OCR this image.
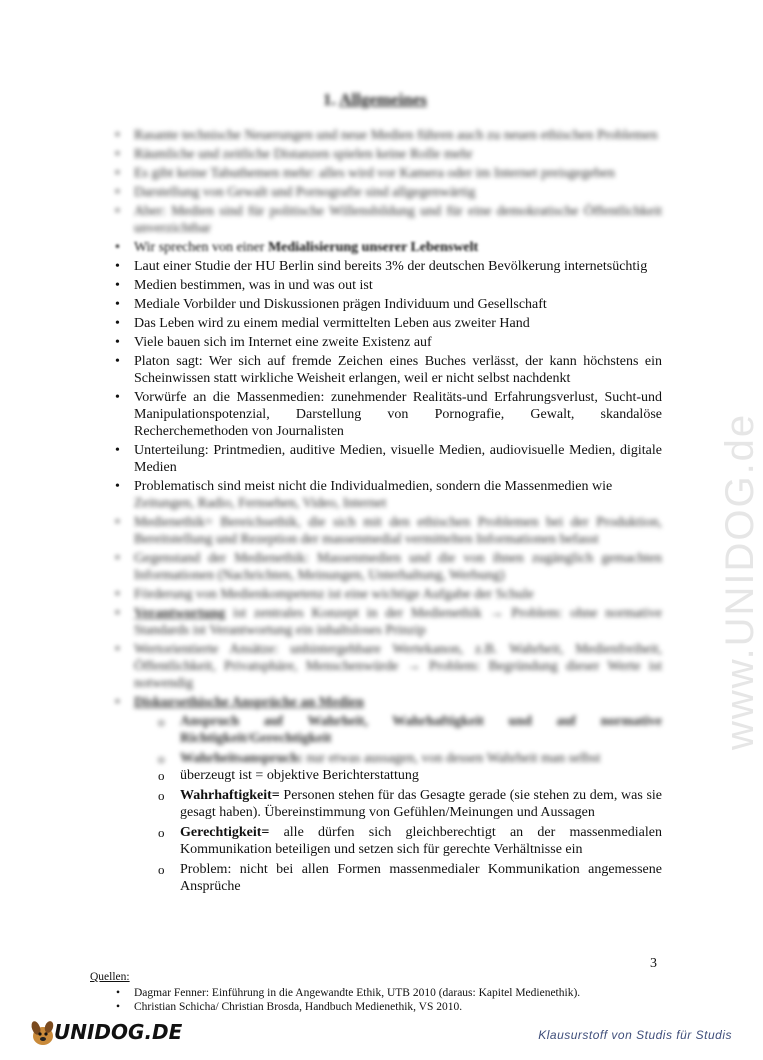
www.UNIDOG.de
1. Allgemeines
• Rasante technische Neuerungen und neue Medien führen auch zu neuen ethischen Problemen
• Räumliche und zeitliche Distanzen spielen keine Rolle mehr
• Es gibt keine Tabuthemen mehr: alles wird vor Kamera oder im Internet preisgegeben
• Darstellung von Gewalt und Pornografie sind allgegenwärtig
• Aber: Medien sind für politische Willensbildung und für eine demokratische Öffentlichkeit unverzichtbar
• Wir sprechen von einer Medialisierung unserer Lebenswelt
• Laut einer Studie der HU Berlin sind bereits 3% der deutschen Bevölkerung internetsüchtig
• Medien bestimmen, was in und was out ist
• Mediale Vorbilder und Diskussionen prägen Individuum und Gesellschaft
• Das Leben wird zu einem medial vermittelten Leben aus zweiter Hand
• Viele bauen sich im Internet eine zweite Existenz auf
• Platon sagt: Wer sich auf fremde Zeichen eines Buches verlässt, der kann höchstens ein Scheinwissen statt wirkliche Weisheit erlangen, weil er nicht selbst nachdenkt
• Vorwürfe an die Massenmedien: zunehmender Realitäts-und Erfahrungsverlust, Sucht-und Manipulationspotenzial, Darstellung von Pornografie, Gewalt, skandalöse Recherchemethoden von Journalisten
• Unterteilung: Printmedien, auditive Medien, visuelle Medien, audiovisuelle Medien, digitale Medien
• Problematisch sind meist nicht die Individualmedien, sondern die Massenmedien wie
Zeitungen, Radio, Fernsehen, Video, Internet
• Medienethik= Bereichsethik, die sich mit den ethischen Problemen bei der Produktion, Bereitstellung und Rezeption der massenmedial vermittelten Informationen befasst
• Gegenstand der Medienethik: Massenmedien und die von ihnen zugänglich gemachten Informationen (Nachrichten, Meinungen, Unterhaltung, Werbung)
• Förderung von Medienkompetenz ist eine wichtige Aufgabe der Schule
• Verantwortung ist zentrales Konzept in der Medienethik → Problem: ohne normative Standards ist Verantwortung ein inhaltsloses Prinzip
• Wertorientierte Ansätze: unhintergehbare Wertekanon, z.B. Wahrheit, Medienfreiheit, Öffentlichkeit, Privatsphäre, Menschenwürde → Problem: Begründung dieser Werte ist notwendig
• Diskursethische Ansprüche an Medien
o Anspruch auf Wahrheit, Wahrhaftigkeit und auf normative Richtigkeit/Gerechtigkeit
o Wahrheitsanspruch: nur etwas aussagen, von dessen Wahrheit man selbst
o überzeugt ist = objektive Berichterstattung
o Wahrhaftigkeit= Personen stehen für das Gesagte gerade (sie stehen zu dem, was sie gesagt haben). Übereinstimmung von Gefühlen/Meinungen und Aussagen
o Gerechtigkeit= alle dürfen sich gleichberechtigt an der massenmedialen Kommunikation beteiligen und setzen sich für gerechte Verhältnisse ein
o Problem: nicht bei allen Formen massenmedialer Kommunikation angemessene Ansprüche
3
Quellen:
• Dagmar Fenner: Einführung in die Angewandte Ethik, UTB 2010 (daraus: Kapitel Medienethik).
• Christian Schicha/ Christian Brosda, Handbuch Medienethik, VS 2010.
UNIDOG.DE	Klausurstoff von Studis für Studis
